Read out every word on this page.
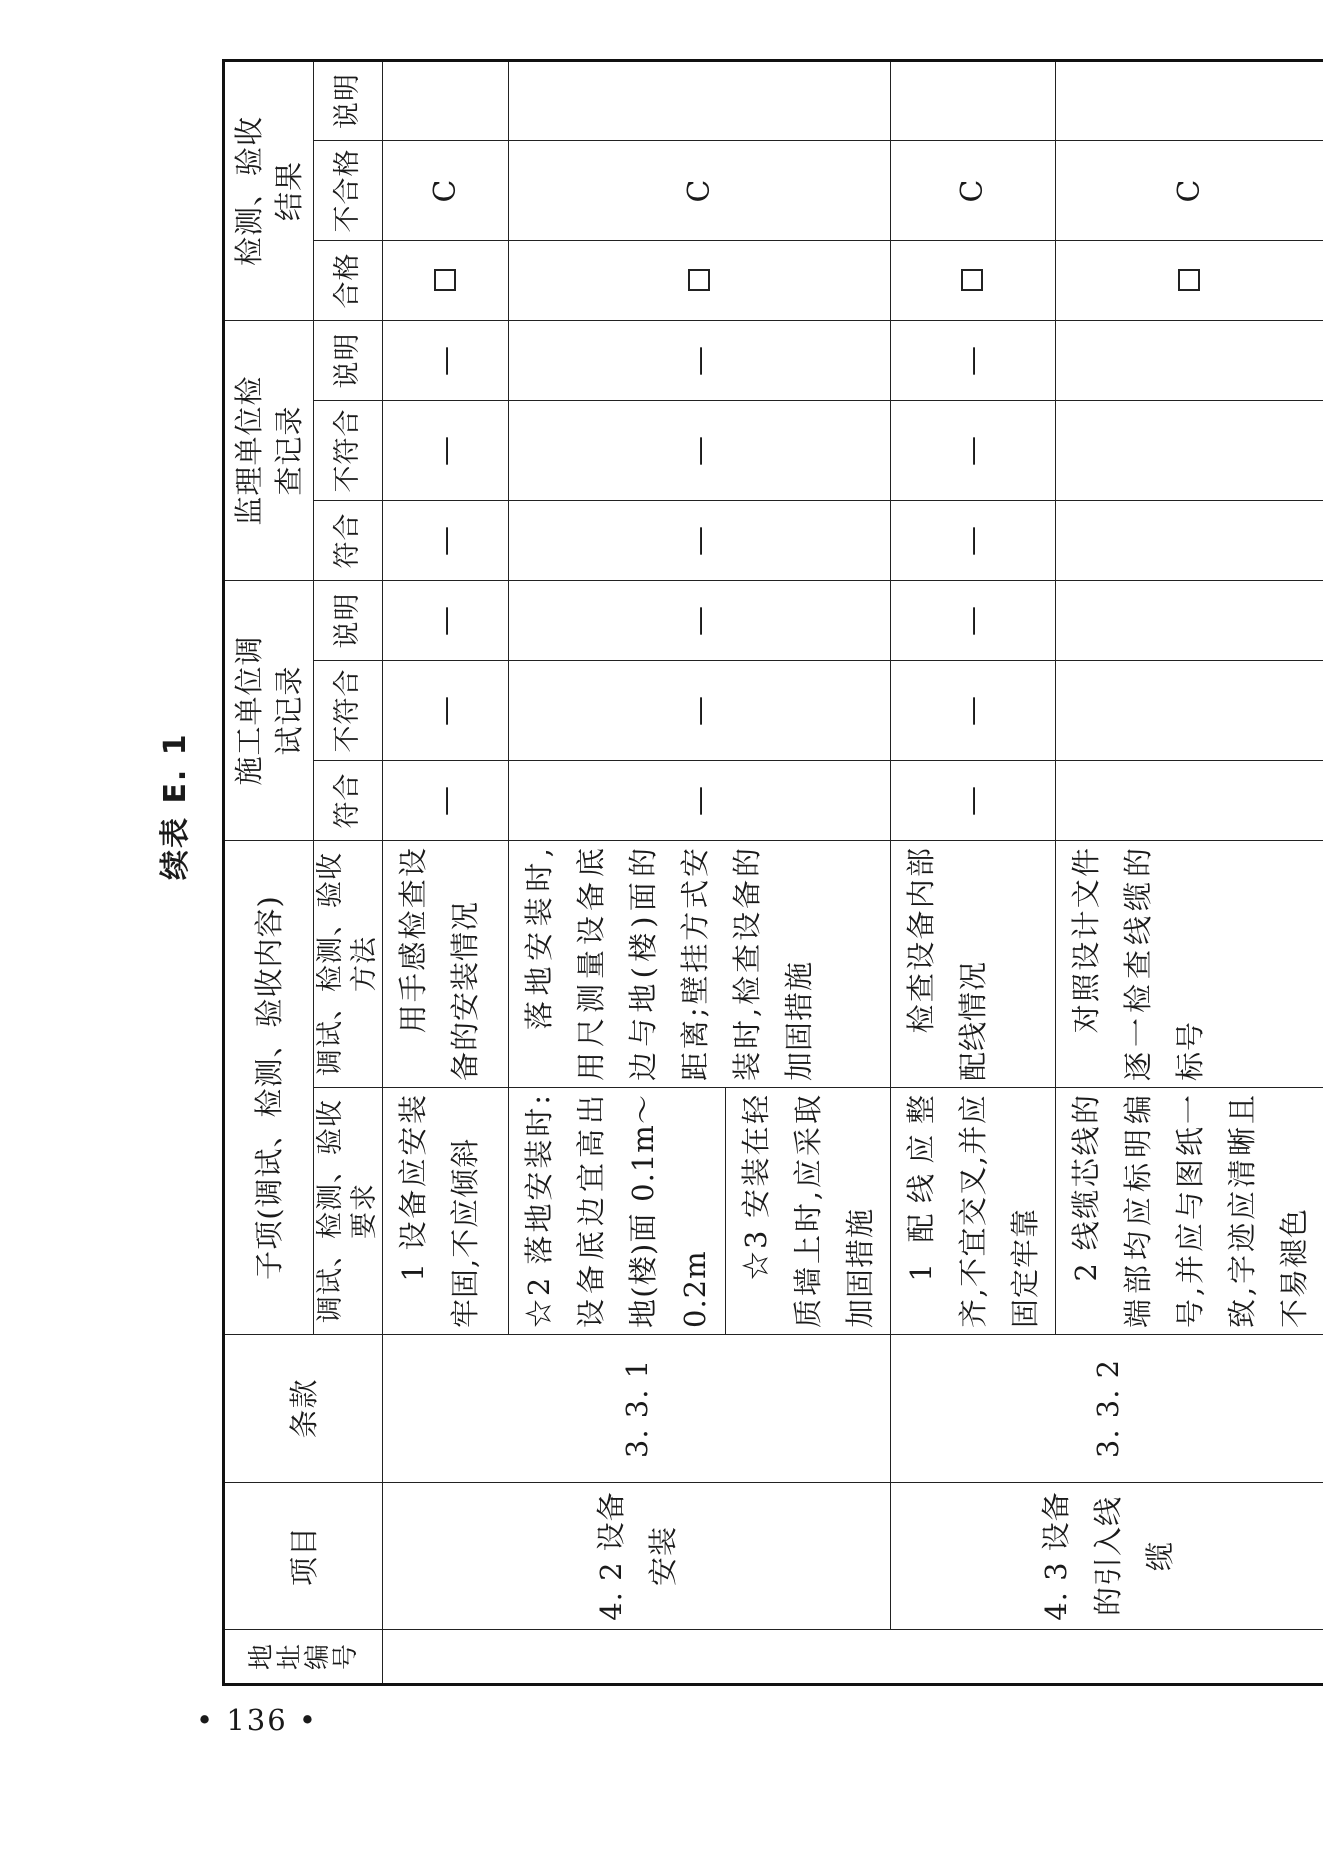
续表 E. 1
地址编号	项目	条款	子项(调试、检测、验收内容)		施工单位调试记录			监理单位检查记录			检测、验收结果		
			调试、检测、验收要求	调试、检测、验收方法	符合	不符合	说明	符合	不符合	说明	合格	不合格	说明
	4. 2 设备安装	3. 3. 1	1 设备应安装牢固,不应倾斜	用手感检查设备的安装情况	—	—	—	—	—	—		C	
			☆2 落地安装时:设备底边宜高出地(楼)面 0.1m～0.2m	落地安装时,用尺测量设备底边与地(楼)面的距离;壁挂方式安装时,检查设备的加固措施	—	—	—	—	—	—		C	
			☆3 安装在轻质墙上时,应采取加固措施										
	4. 3 设备的引入线缆	3. 3. 2	1 配线应整齐,不宜交叉,并应固定牢靠	检查设备内部配线情况	—	—	—	—	—	—		C	
			2 线缆芯线的端部均应标明编号,并应与图纸一致,字迹应清晰且不易褪色	对照设计文件逐一检查线缆的标号								C	
• 136 •
